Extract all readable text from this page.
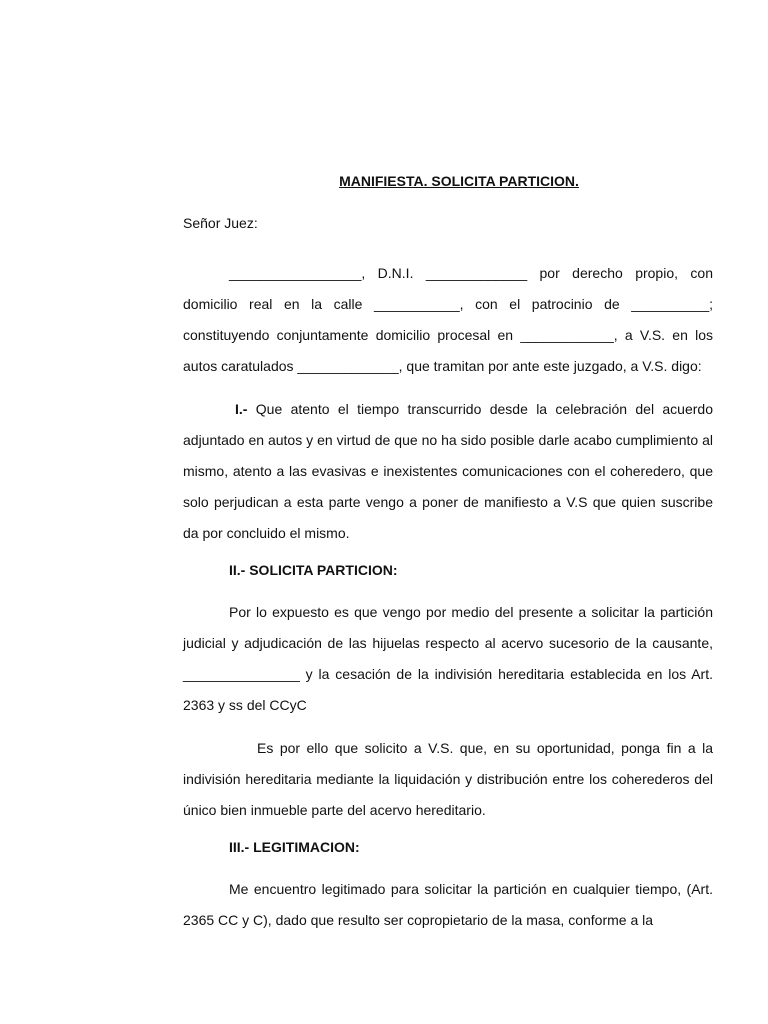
MANIFIESTA. SOLICITA PARTICION.
Señor Juez:
_________________, D.N.I. _____________ por derecho propio, con domicilio real en la calle ___________, con el patrocinio de __________; constituyendo conjuntamente domicilio procesal en ____________, a V.S. en los autos caratulados _____________, que tramitan por ante este juzgado, a V.S. digo:
I.- Que atento el tiempo transcurrido desde la celebración del acuerdo adjuntado en autos y en virtud de que no ha sido posible darle acabo cumplimiento al mismo, atento a las evasivas e inexistentes comunicaciones con el coheredero, que solo perjudican a esta parte vengo a poner de manifiesto a V.S que quien suscribe da por concluido el mismo.
II.- SOLICITA PARTICION:
Por lo expuesto es que vengo por medio del presente a solicitar la partición judicial y adjudicación de las hijuelas respecto al acervo sucesorio de la causante, _______________ y la cesación de la indivisión hereditaria establecida en los Art. 2363 y ss del CCyC
Es por ello que solicito a V.S. que, en su oportunidad, ponga fin a la indivisión hereditaria mediante la liquidación y distribución entre los coherederos del único bien inmueble parte del acervo hereditario.
III.- LEGITIMACION:
Me encuentro legitimado para solicitar la partición en cualquier tiempo, (Art. 2365 CC y C), dado que resulto ser copropietario de la masa, conforme a la
